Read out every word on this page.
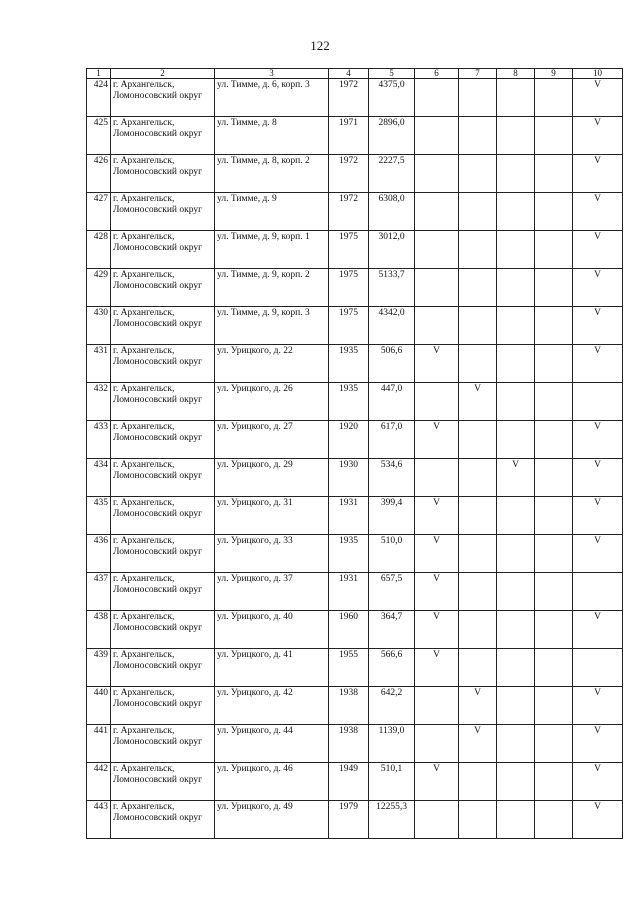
122
1	2	3	4	5	6	7	8	9	10
424	г. Архангельск, Ломоносовский округ	ул. Тимме, д. 6, корп. 3	1972	4375,0					V
425	г. Архангельск, Ломоносовский округ	ул. Тимме, д. 8	1971	2896,0					V
426	г. Архангельск, Ломоносовский округ	ул. Тимме, д. 8, корп. 2	1972	2227,5					V
427	г. Архангельск, Ломоносовский округ	ул. Тимме, д. 9	1972	6308,0					V
428	г. Архангельск, Ломоносовский округ	ул. Тимме, д. 9, корп. 1	1975	3012,0					V
429	г. Архангельск, Ломоносовский округ	ул. Тимме, д. 9, корп. 2	1975	5133,7					V
430	г. Архангельск, Ломоносовский округ	ул. Тимме, д. 9, корп. 3	1975	4342,0					V
431	г. Архангельск, Ломоносовский округ	ул. Урицкого, д. 22	1935	506,6	V				V
432	г. Архангельск, Ломоносовский округ	ул. Урицкого, д. 26	1935	447,0		V			
433	г. Архангельск, Ломоносовский округ	ул. Урицкого, д. 27	1920	617,0	V				V
434	г. Архангельск, Ломоносовский округ	ул. Урицкого, д. 29	1930	534,6			V		V
435	г. Архангельск, Ломоносовский округ	ул. Урицкого, д. 31	1931	399,4	V				V
436	г. Архангельск, Ломоносовский округ	ул. Урицкого, д. 33	1935	510,0	V				V
437	г. Архангельск, Ломоносовский округ	ул. Урицкого, д. 37	1931	657,5	V				
438	г. Архангельск, Ломоносовский округ	ул. Урицкого, д. 40	1960	364,7	V				V
439	г. Архангельск, Ломоносовский округ	ул. Урицкого, д. 41	1955	566,6	V				
440	г. Архангельск, Ломоносовский округ	ул. Урицкого, д. 42	1938	642,2		V			V
441	г. Архангельск, Ломоносовский округ	ул. Урицкого, д. 44	1938	1139,0		V			V
442	г. Архангельск, Ломоносовский округ	ул. Урицкого, д. 46	1949	510,1	V				V
443	г. Архангельск, Ломоносовский округ	ул. Урицкого, д. 49	1979	12255,3					V
